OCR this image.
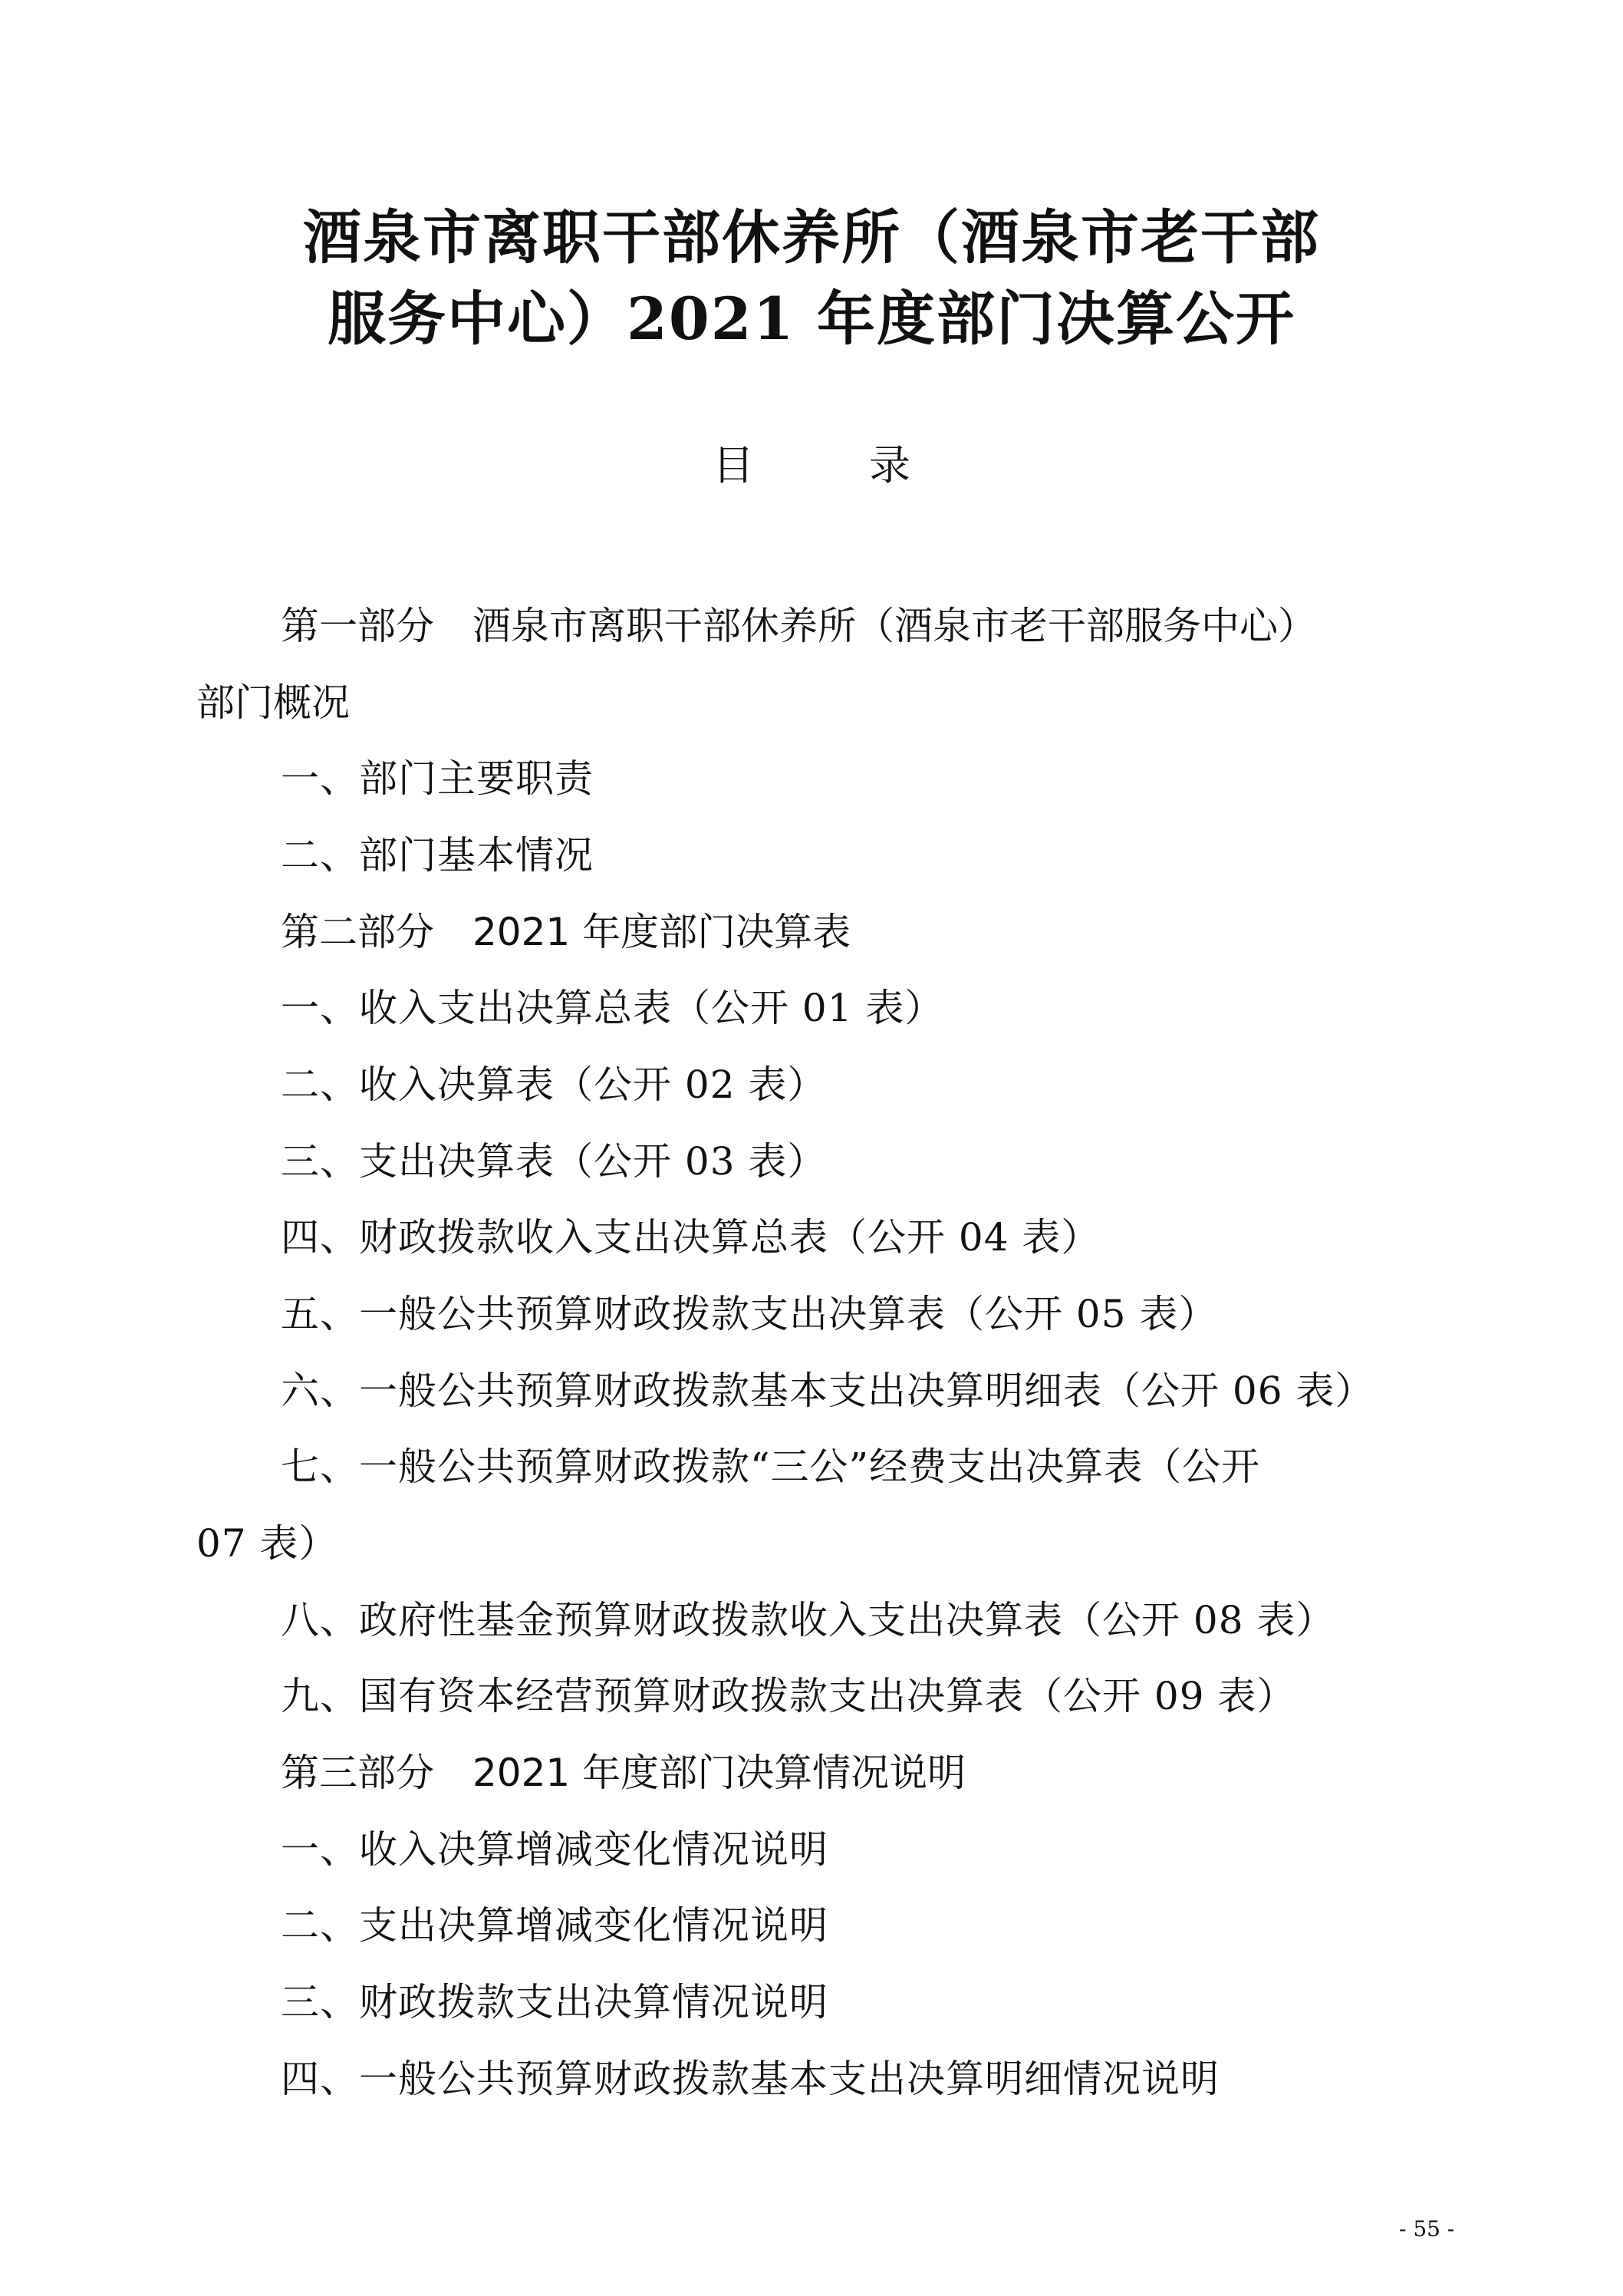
酒泉市离职干部休养所（酒泉市老干部
服务中心）2021 年度部门决算公开
目	录
第一部分　酒泉市离职干部休养所（酒泉市老干部服务中心）
部门概况
一、部门主要职责
二、部门基本情况
第二部分　2021 年度部门决算表
一、收入支出决算总表（公开 01 表）
二、收入决算表（公开 02 表）
三、支出决算表（公开 03 表）
四、财政拨款收入支出决算总表（公开 04 表）
五、一般公共预算财政拨款支出决算表（公开 05 表）
六、一般公共预算财政拨款基本支出决算明细表（公开 06 表）
七、一般公共预算财政拨款“三公”经费支出决算表（公开
07 表）
八、政府性基金预算财政拨款收入支出决算表（公开 08 表）
九、国有资本经营预算财政拨款支出决算表（公开 09 表）
第三部分　2021 年度部门决算情况说明
一、收入决算增减变化情况说明
二、支出决算增减变化情况说明
三、财政拨款支出决算情况说明
四、一般公共预算财政拨款基本支出决算明细情况说明
- 55 -
